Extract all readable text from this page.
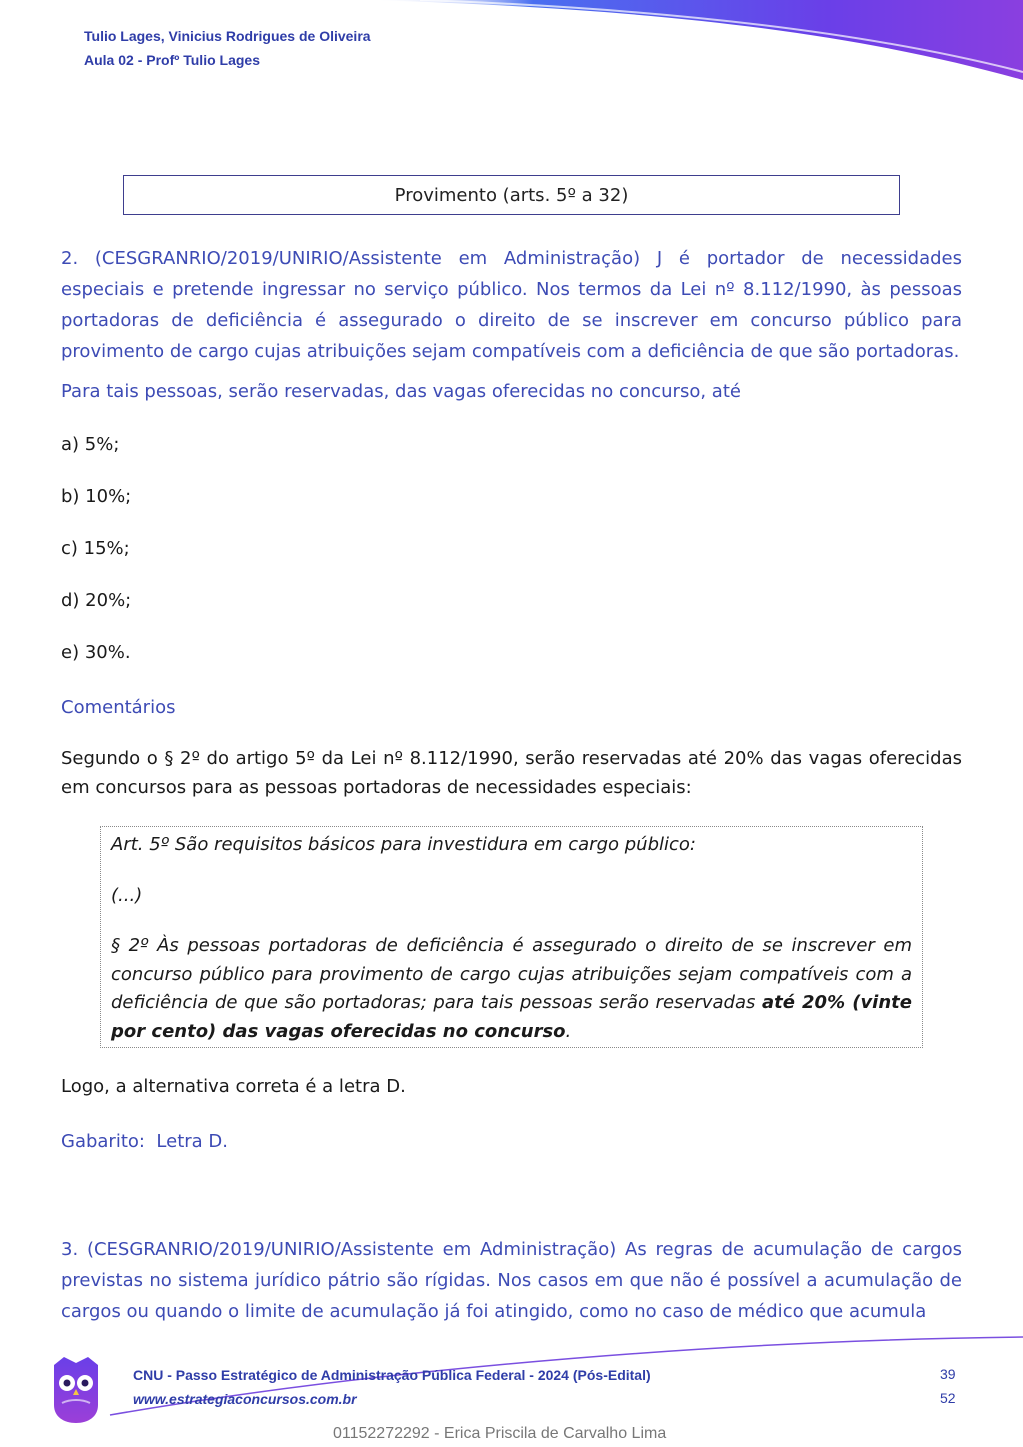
Tulio Lages, Vinicius Rodrigues de Oliveira
Aula 02 - Profº Tulio Lages
Provimento (arts. 5º a 32)
2. (CESGRANRIO/2019/UNIRIO/Assistente em Administração) J é portador de necessidades especiais e pretende ingressar no serviço público. Nos termos da Lei nº 8.112/1990, às pessoas portadoras de deficiência é assegurado o direito de se inscrever em concurso público para provimento de cargo cujas atribuições sejam compatíveis com a deficiência de que são portadoras.
Para tais pessoas, serão reservadas, das vagas oferecidas no concurso, até
a) 5%;
b) 10%;
c) 15%;
d) 20%;
e) 30%.
Comentários
Segundo o § 2º do artigo 5º da Lei nº 8.112/1990, serão reservadas até 20% das vagas oferecidas em concursos para as pessoas portadoras de necessidades especiais:

Art. 5º São requisitos básicos para investidura em cargo público:

(...)

§ 2º Às pessoas portadoras de deficiência é assegurado o direito de se inscrever em concurso público para provimento de cargo cujas atribuições sejam compatíveis com a deficiência de que são portadoras; para tais pessoas serão reservadas até 20% (vinte por cento) das vagas oferecidas no concurso.

Logo, a alternativa correta é a letra D.
Gabarito:  Letra D.
3. (CESGRANRIO/2019/UNIRIO/Assistente em Administração) As regras de acumulação de cargos previstas no sistema jurídico pátrio são rígidas. Nos casos em que não é possível a acumulação de cargos ou quando o limite de acumulação já foi atingido, como no caso de médico que acumula
CNU - Passo Estratégico de Administração Pública Federal - 2024 (Pós-Edital)
www.estrategiaconcursos.com.br
39
52
01152272292 - Erica Priscila de Carvalho Lima
